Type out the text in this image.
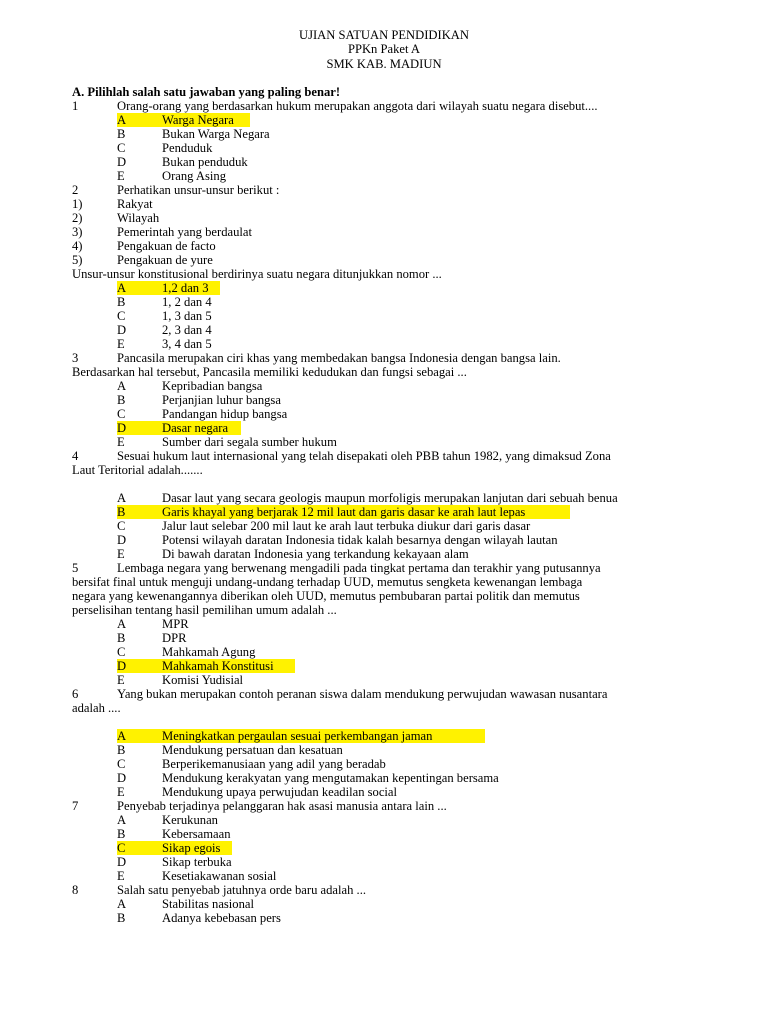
UJIAN SATUAN PENDIDIKAN
PPKn Paket A
SMK KAB. MADIUN
A. Pilihlah salah satu jawaban yang paling benar!
1	Orang-orang yang berdasarkan hukum merupakan anggota dari wilayah suatu negara disebut....
A	Warga Negara
B	Bukan Warga Negara
C	Penduduk
D	Bukan penduduk
E	Orang Asing
2	Perhatikan unsur-unsur berikut :
1)	Rakyat
2)	Wilayah
3)	Pemerintah yang berdaulat
4)	Pengakuan de facto
5)	Pengakuan de yure
Unsur-unsur konstitusional berdirinya suatu negara ditunjukkan nomor ...
A	1,2 dan 3
B	1, 2 dan 4
C	1, 3 dan 5
D	2, 3 dan 4
E	3, 4 dan 5
3	Pancasila merupakan ciri khas yang membedakan bangsa Indonesia dengan bangsa lain.
Berdasarkan hal tersebut, Pancasila memiliki kedudukan dan fungsi sebagai ...
A	Kepribadian bangsa
B	Perjanjian luhur bangsa
C	Pandangan hidup bangsa
D	Dasar negara
E	Sumber dari segala sumber hukum
4	Sesuai hukum laut internasional yang telah disepakati oleh PBB tahun 1982, yang dimaksud Zona
Laut Teritorial adalah.......
A	Dasar laut yang secara geologis maupun morfoligis merupakan lanjutan dari sebuah benua
B	Garis khayal yang berjarak 12 mil laut dan garis dasar ke arah laut lepas
C	Jalur laut selebar 200 mil laut ke arah laut terbuka diukur dari garis dasar
D	Potensi wilayah daratan Indonesia tidak kalah besarnya dengan wilayah lautan
E	Di bawah daratan Indonesia yang terkandung kekayaan alam
5	Lembaga negara yang berwenang mengadili pada tingkat pertama dan terakhir yang putusannya
bersifat final untuk menguji undang-undang terhadap UUD, memutus sengketa kewenangan lembaga
negara yang kewenangannya diberikan oleh UUD, memutus pembubaran partai politik dan memutus
perselisihan tentang hasil pemilihan umum adalah ...
A	MPR
B	DPR
C	Mahkamah Agung
D	Mahkamah Konstitusi
E	Komisi Yudisial
6	Yang bukan merupakan contoh peranan siswa dalam mendukung perwujudan wawasan nusantara
adalah ....
A	Meningkatkan pergaulan sesuai perkembangan jaman
B	Mendukung persatuan dan kesatuan
C	Berperikemanusiaan yang adil yang beradab
D	Mendukung kerakyatan yang mengutamakan kepentingan bersama
E	Mendukung upaya perwujudan keadilan social
7	Penyebab terjadinya pelanggaran hak asasi manusia antara lain ...
A	Kerukunan
B	Kebersamaan
C	Sikap egois
D	Sikap terbuka
E	Kesetiakawanan sosial
8	Salah satu penyebab jatuhnya orde baru adalah ...
A	Stabilitas nasional
B	Adanya kebebasan pers
